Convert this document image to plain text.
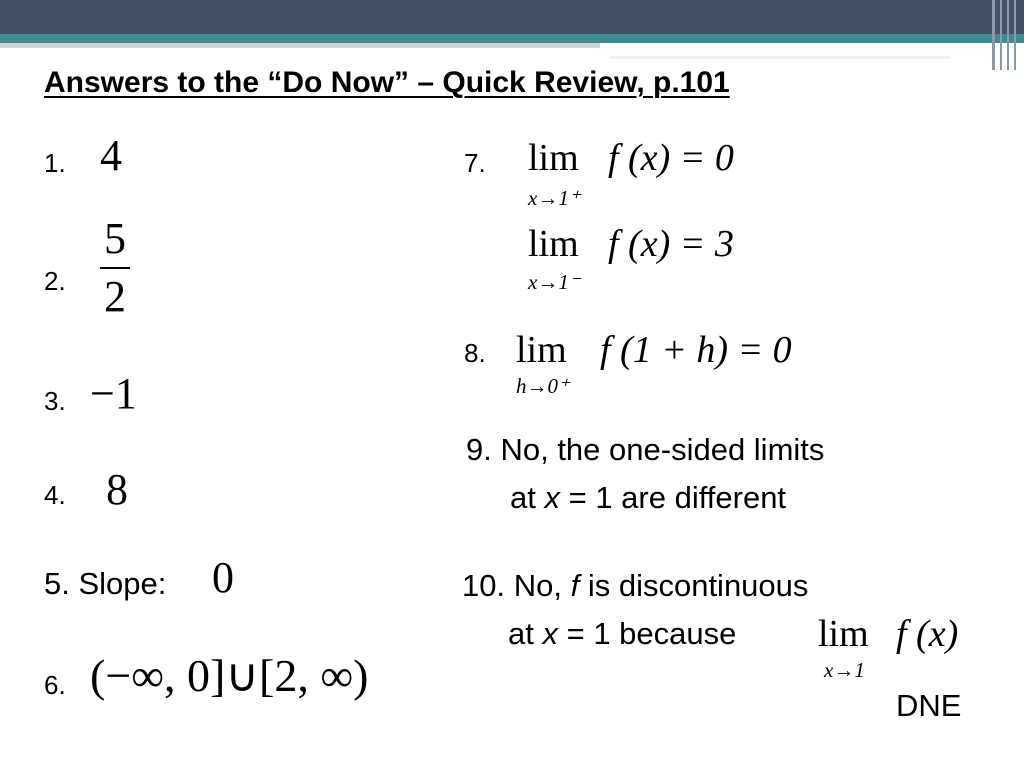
Answers to the “Do Now” – Quick Review, p.101
1. 4
2.
5
2
3. −1
4. 8
5. Slope: 0
6. (−∞, 0]∪[2, ∞)
7. lim
x→1⁺
f (x) = 0
lim
x→1⁻
f (x) = 3
8. lim
h→0⁺
f (1 + h) = 0
9. No, the one-sided limits
at x = 1 are different
10. No, f is discontinuous
at x = 1 because lim
x→1
f (x)
DNE
